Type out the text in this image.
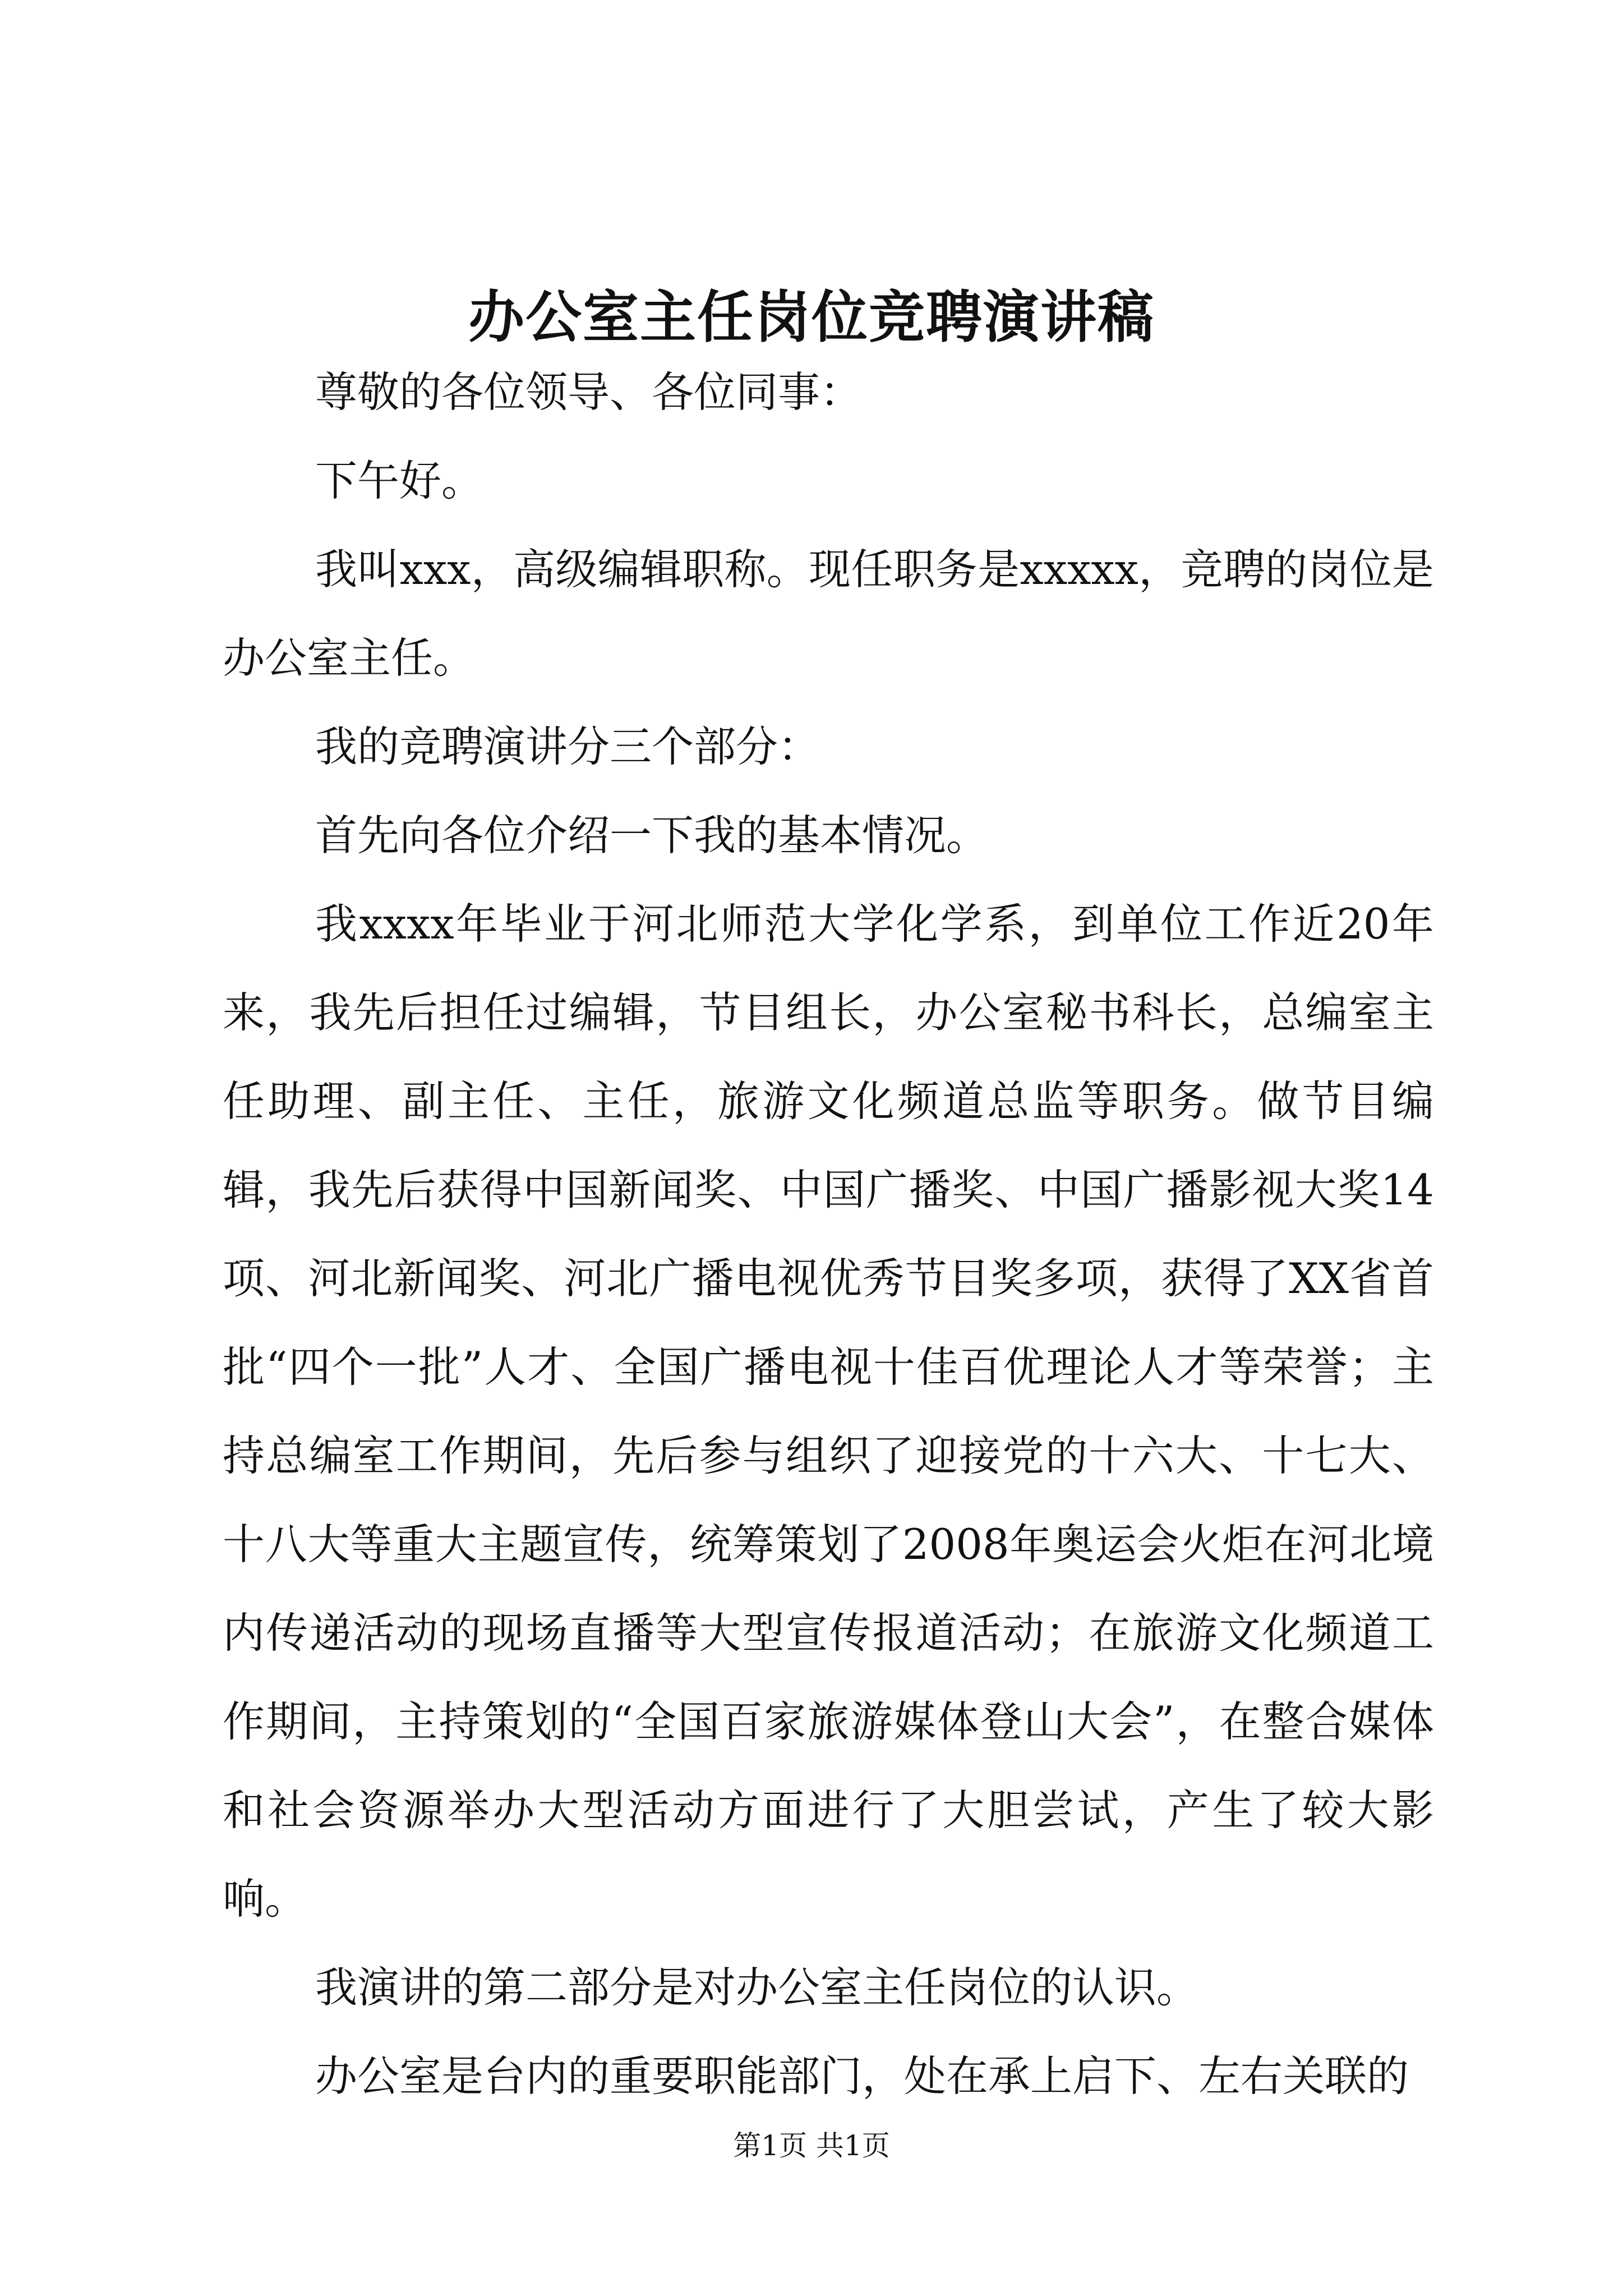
办公室主任岗位竞聘演讲稿

尊敬的各位领导、各位同事：

下午好。

我叫xxx，高级编辑职称。现任职务是xxxxx，竞聘的岗位是办公室主任。

我的竞聘演讲分三个部分：

首先向各位介绍一下我的基本情况。

我xxxx年毕业于河北师范大学化学系，到单位工作近20年来，我先后担任过编辑，节目组长，办公室秘书科长，总编室主任助理、副主任、主任，旅游文化频道总监等职务。做节目编辑，我先后获得中国新闻奖、中国广播奖、中国广播影视大奖14项、河北新闻奖、河北广播电视优秀节目奖多项，获得了XX省首批“四个一批”人才、全国广播电视十佳百优理论人才等荣誉；主持总编室工作期间，先后参与组织了迎接党的十六大、十七大、十八大等重大主题宣传，统筹策划了2008年奥运会火炬在河北境内传递活动的现场直播等大型宣传报道活动；在旅游文化频道工作期间，主持策划的“全国百家旅游媒体登山大会”，在整合媒体和社会资源举办大型活动方面进行了大胆尝试，产生了较大影响。

我演讲的第二部分是对办公室主任岗位的认识。

办公室是台内的重要职能部门，处在承上启下、左右关联的

第1页 共1页
